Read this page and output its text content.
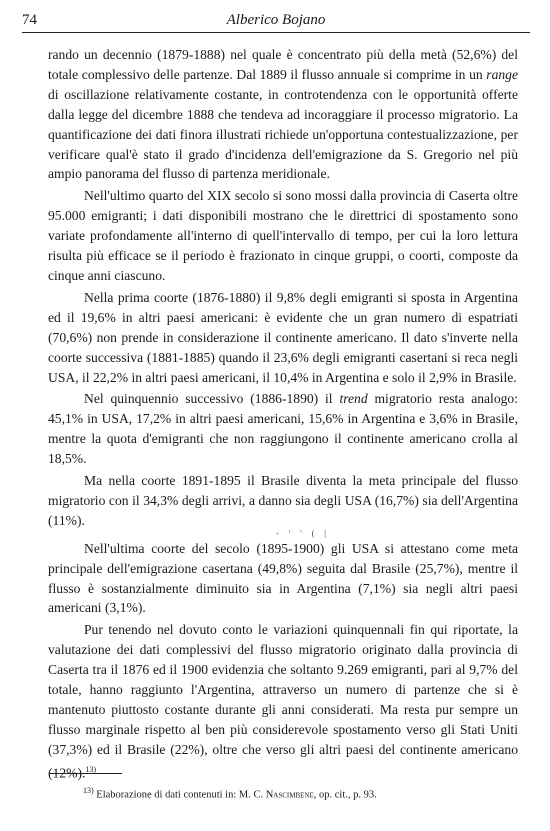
74	Alberico Bojano

rando un decennio (1879-1888) nel quale è concentrato più della metà (52,6%) del totale complessivo delle partenze. Dal 1889 il flusso annuale si comprime in un range di oscillazione relativamente costante, in controtendenza con le opportunità offerte dalla legge del dicembre 1888 che tendeva ad incoraggiare il processo migratorio. La quantificazione dei dati finora illustrati richiede un'opportuna contestualizzazione, per verificare qual'è stato il grado d'incidenza dell'emigrazione da S. Gregorio nel più ampio panorama del flusso di partenza meridionale.

Nell'ultimo quarto del XIX secolo si sono mossi dalla provincia di Caserta oltre 95.000 emigranti; i dati disponibili mostrano che le direttrici di spostamento sono variate profondamente all'interno di quell'intervallo di tempo, per cui la loro lettura risulta più efficace se il periodo è frazionato in cinque gruppi, o coorti, composte da cinque anni ciascuno.

Nella prima coorte (1876-1880) il 9,8% degli emigranti si sposta in Argentina ed il 19,6% in altri paesi americani: è evidente che un gran numero di espatriati (70,6%) non prende in considerazione il continente americano. Il dato s'inverte nella coorte successiva (1881-1885) quando il 23,6% degli emigranti casertani si reca negli USA, il 22,2% in altri paesi americani, il 10,4% in Argentina e solo il 2,9% in Brasile.

Nel quinquennio successivo (1886-1890) il trend migratorio resta analogo: 45,1% in USA, 17,2% in altri paesi americani, 15,6% in Argentina e 3,6% in Brasile, mentre la quota d'emigranti che non raggiungono il continente americano crolla al 18,5%.

Ma nella coorte 1891-1895 il Brasile diventa la meta principale del flusso migratorio con il 34,3% degli arrivi, a danno sia degli USA (16,7%) sia dell'Argentina (11%).

- ' ' ( |

Nell'ultima coorte del secolo (1895-1900) gli USA si attestano come meta principale dell'emigrazione casertana (49,8%) seguita dal Brasile (25,7%), mentre il flusso è sostanzialmente diminuito sia in Argentina (7,1%) sia negli altri paesi americani (3,1%).

Pur tenendo nel dovuto conto le variazioni quinquennali fin qui riportate, la valutazione dei dati complessivi del flusso migratorio originato dalla provincia di Caserta tra il 1876 ed il 1900 evidenzia che soltanto 9.269 emigranti, pari al 9,7% del totale, hanno raggiunto l'Argentina, attraverso un numero di partenze che si è mantenuto piuttosto costante durante gli anni considerati. Ma resta pur sempre un flusso marginale rispetto al ben più considerevole spostamento verso gli Stati Uniti (37,3%) ed il Brasile (22%), oltre che verso gli altri paesi del continente americano (12%).$^{13)}$

$^{13)}$ Elaborazione di dati contenuti in: M. C. Nascimbene, op. cit., p. 93.
